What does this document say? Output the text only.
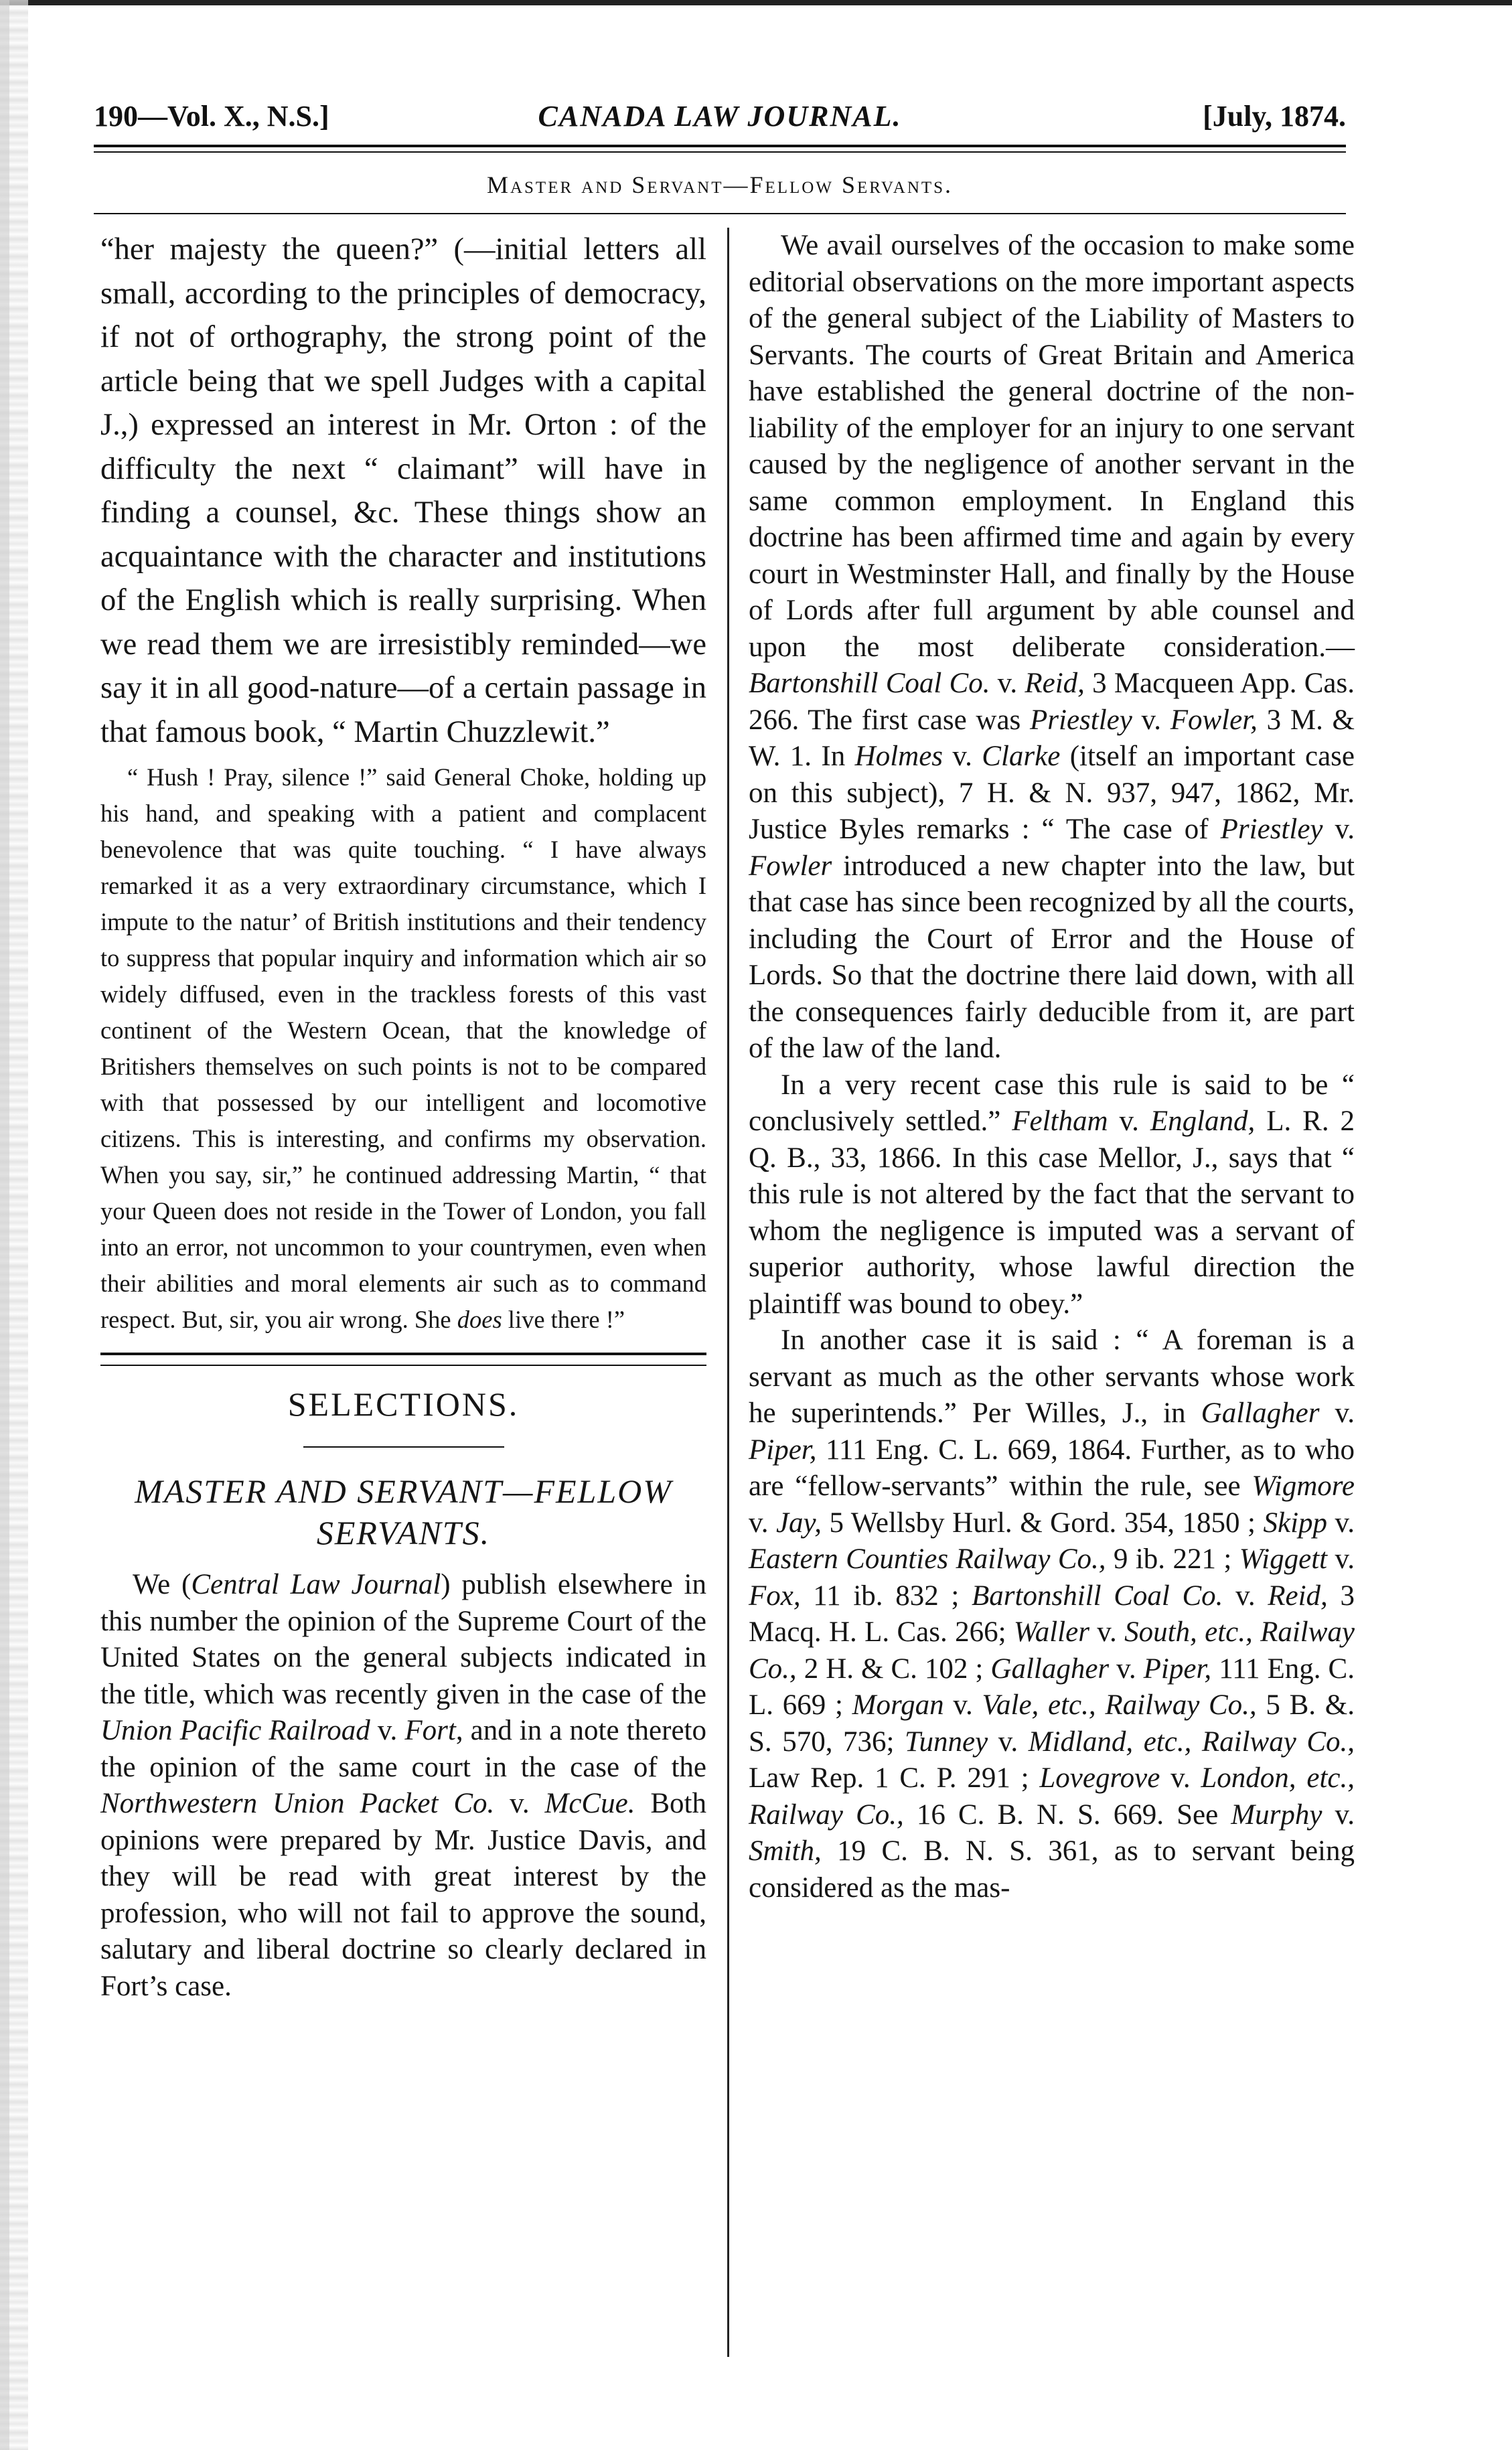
190—Vol. X., N.S.]	CANADA LAW JOURNAL.	[July, 1874.
Master and Servant—Fellow Servants.

“her majesty the queen?” (—initial letters all small, according to the principles of democracy, if not of orthography, the strong point of the article being that we spell Judges with a capital J.,) expressed an interest in Mr. Orton : of the difficulty the next “ claimant” will have in finding a counsel, &c. These things show an acquaintance with the character and institutions of the English which is really surprising. When we read them we are irresistibly reminded—we say it in all good-nature—of a certain passage in that famous book, “ Martin Chuzzlewit.”

“ Hush ! Pray, silence !” said General Choke, holding up his hand, and speaking with a patient and complacent benevolence that was quite touching. “ I have always remarked it as a very extraordinary circumstance, which I impute to the natur’ of British institutions and their tendency to suppress that popular inquiry and information which air so widely diffused, even in the trackless forests of this vast continent of the Western Ocean, that the knowledge of Britishers themselves on such points is not to be compared with that possessed by our intelligent and locomotive citizens. This is interesting, and confirms my observation. When you say, sir,” he continued addressing Martin, “ that your Queen does not reside in the Tower of London, you fall into an error, not uncommon to your countrymen, even when their abilities and moral elements air such as to command respect. But, sir, you air wrong. She does live there !”

SELECTIONS.
MASTER AND SERVANT—FELLOW SERVANTS.

We (Central Law Journal) publish elsewhere in this number the opinion of the Supreme Court of the United States on the general subjects indicated in the title, which was recently given in the case of the Union Pacific Railroad v. Fort, and in a note thereto the opinion of the same court in the case of the Northwestern Union Packet Co. v. McCue. Both opinions were prepared by Mr. Justice Davis, and they will be read with great interest by the profession, who will not fail to approve the sound, salutary and liberal doctrine so clearly declared in Fort’s case.

We avail ourselves of the occasion to make some editorial observations on the more important aspects of the general subject of the Liability of Masters to Servants. The courts of Great Britain and America have established the general doctrine of the non-liability of the employer for an injury to one servant caused by the negligence of another servant in the same common employment. In England this doctrine has been affirmed time and again by every court in Westminster Hall, and finally by the House of Lords after full argument by able counsel and upon the most deliberate consideration.—Bartonshill Coal Co. v. Reid, 3 Macqueen App. Cas. 266. The first case was Priestley v. Fowler, 3 M. & W. 1. In Holmes v. Clarke (itself an important case on this subject), 7 H. & N. 937, 947, 1862, Mr. Justice Byles remarks : “ The case of Priestley v. Fowler introduced a new chapter into the law, but that case has since been recognized by all the courts, including the Court of Error and the House of Lords. So that the doctrine there laid down, with all the consequences fairly deducible from it, are part of the law of the land.

In a very recent case this rule is said to be “ conclusively settled.” Feltham v. England, L. R. 2 Q. B., 33, 1866. In this case Mellor, J., says that “ this rule is not altered by the fact that the servant to whom the negligence is imputed was a servant of superior authority, whose lawful direction the plaintiff was bound to obey.”

In another case it is said : “ A foreman is a servant as much as the other servants whose work he superintends.” Per Willes, J., in Gallagher v. Piper, 111 Eng. C. L. 669, 1864. Further, as to who are “fellow-servants” within the rule, see Wigmore v. Jay, 5 Wellsby Hurl. & Gord. 354, 1850 ; Skipp v. Eastern Counties Railway Co., 9 ib. 221 ; Wiggett v. Fox, 11 ib. 832 ; Bartonshill Coal Co. v. Reid, 3 Macq. H. L. Cas. 266; Waller v. South, etc., Railway Co., 2 H. & C. 102 ; Gallagher v. Piper, 111 Eng. C. L. 669 ; Morgan v. Vale, etc., Railway Co., 5 B. &. S. 570, 736; Tunney v. Midland, etc., Railway Co., Law Rep. 1 C. P. 291 ; Lovegrove v. London, etc., Railway Co., 16 C. B. N. S. 669. See Murphy v. Smith, 19 C. B. N. S. 361, as to servant being considered as the mas-
